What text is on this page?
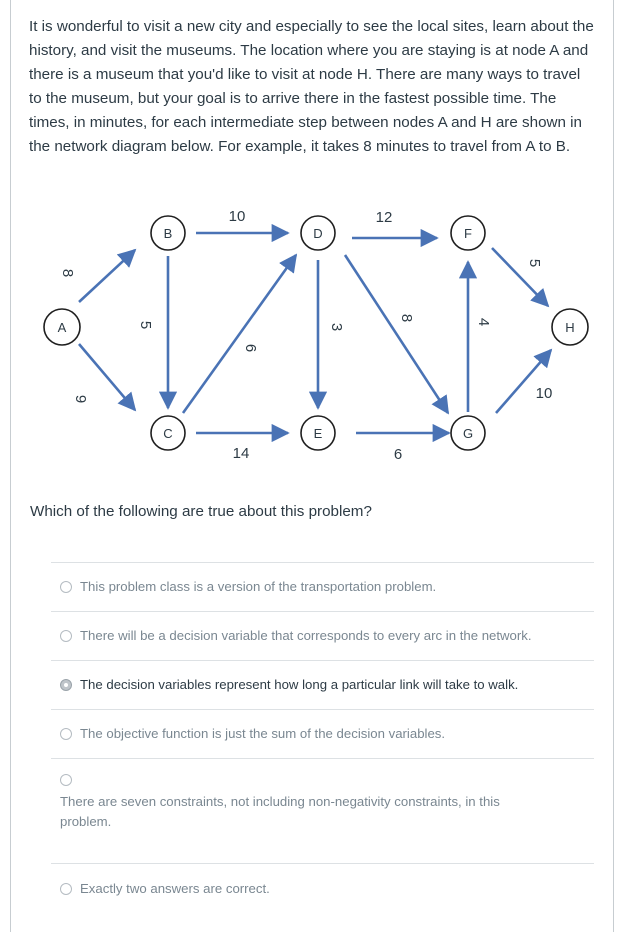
It is wonderful to visit a new city and especially to see the local sites, learn about the history, and visit the museums. The location where you are staying is at node A and there is a museum that you'd like to visit at node H. There are many ways to travel to the museum, but your goal is to arrive there in the fastest possible time. The times, in minutes, for each intermediate step between nodes A and H are shown in the network diagram below. For example, it takes 8 minutes to travel from A to B.

A
B
C
D
E
F
G
H
8
9
5
10
6
14
3
12
8
6
4
5
10
Which of the following are true about this problem?
This problem class is a version of the transportation problem.
There will be a decision variable that corresponds to every arc in the network.
The decision variables represent how long a particular link will take to walk.
The objective function is just the sum of the decision variables.
There are seven constraints, not including non-negativity constraints, in this problem.
Exactly two answers are correct.
